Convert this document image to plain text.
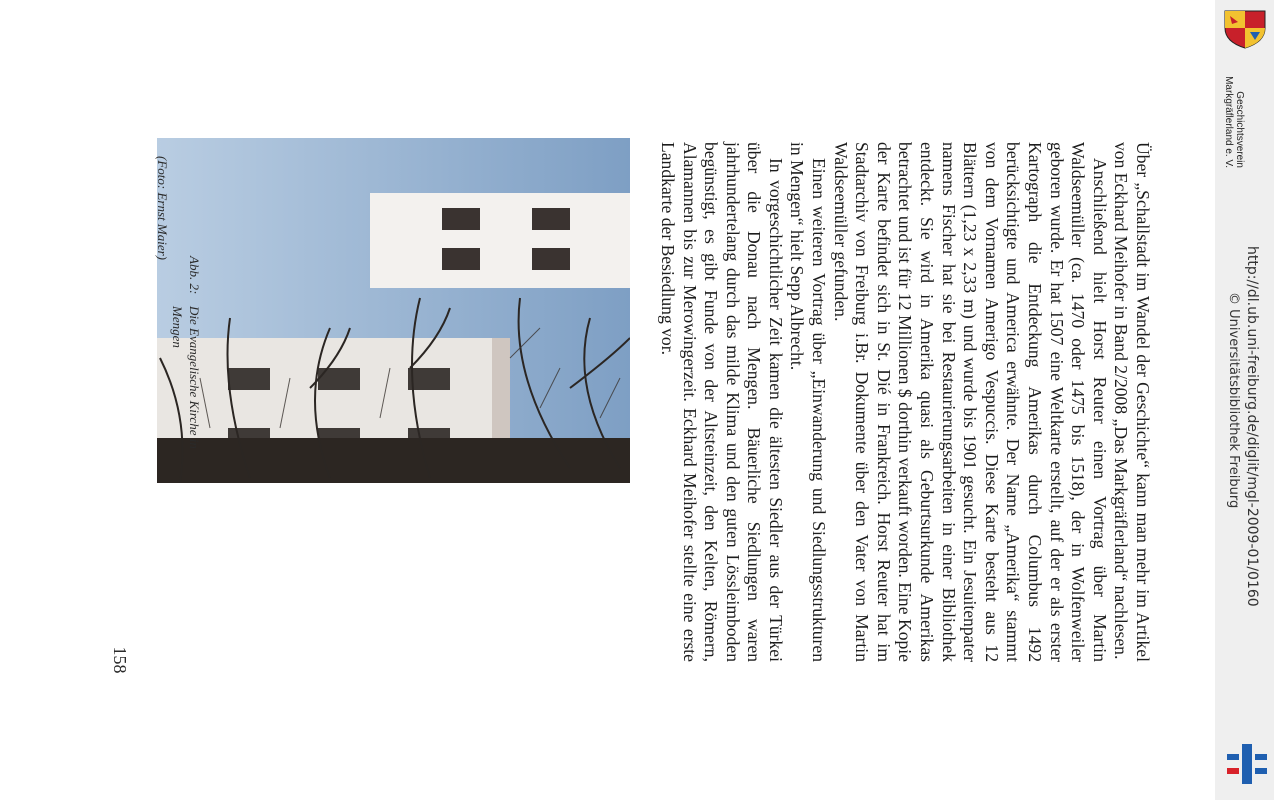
Über „Schallstadt im Wandel der Geschichte“ kann man mehr im Artikel von Eckhard Meihofer in Band 2/2008 „Das Markgräflerland“ nachlesen.

Anschließend hielt Horst Reuter einen Vortrag über Martin Waldseemüller (ca. 1470 oder 1475 bis 1518), der in Wolfenweiler geboren wurde. Er hat 1507 eine Weltkarte erstellt, auf der er als erster Kartograph die Entdeckung Amerikas durch Columbus 1492 berücksichtigte und America erwähnte. Der Name „Amerika“ stammt von dem Vornamen Amerigo Vespuccis. Diese Karte besteht aus 12 Blättern (1,23 x 2,33 m) und wurde bis 1901 gesucht. Ein Jesuitenpater namens Fischer hat sie bei Restaurierungsarbeiten in einer Bibliothek entdeckt. Sie wird in Amerika quasi als Geburtsurkunde Amerikas betrachtet und ist für 12 Millionen $ dorthin verkauft worden. Eine Kopie der Karte befindet sich in St. Dié in Frankreich. Horst Reuter hat im Stadtarchiv von Freiburg i.Br. Dokumente über den Vater von Martin Waldseemüller gefunden.

Einen weiteren Vortrag über „Einwanderung und Siedlungsstrukturen in Mengen“ hielt Sepp Albrecht.

In vorgeschichtlicher Zeit kamen die ältesten Siedler aus der Türkei über die Donau nach Mengen. Bäuerliche Siedlungen waren jahrhundertelang durch das milde Klima und den guten Lössleimboden begünstigt, es gibt Funde von der Altsteinzeit, den Kelten, Römern, Alamannen bis zur Merowingerzeit. Eckhard Meihofer stellte eine erste Landkarte der Besiedlung vor.

Abb. 2:Die Evangelische Kirche in
Mengen
(Foto: Ernst Maier)
158
http://dl.ub.uni-freiburg.de/diglit/mgl-2009-01/0160
© Universitätsbibliothek Freiburg
Geschichtsverein
Markgräflerland e. V.
